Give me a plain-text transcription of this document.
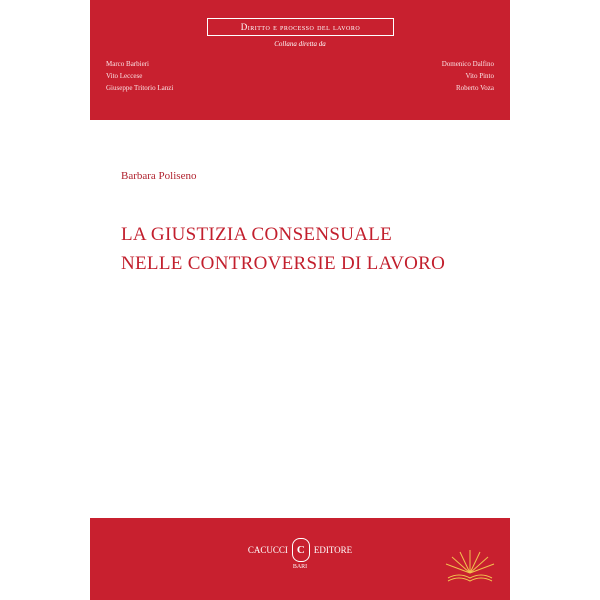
Diritto e processo del lavoro
Collana diretta da
Marco Barbieri
Vito Leccese
Giuseppe Tritorio Lanzi
Domenico Dalfino
Vito Pinto
Roberto Voza
Barbara Poliseno
LA GIUSTIZIA CONSENSUALE
NELLE CONTROVERSIE DI LAVORO
CACUCCI C	EDITORE
BARI
